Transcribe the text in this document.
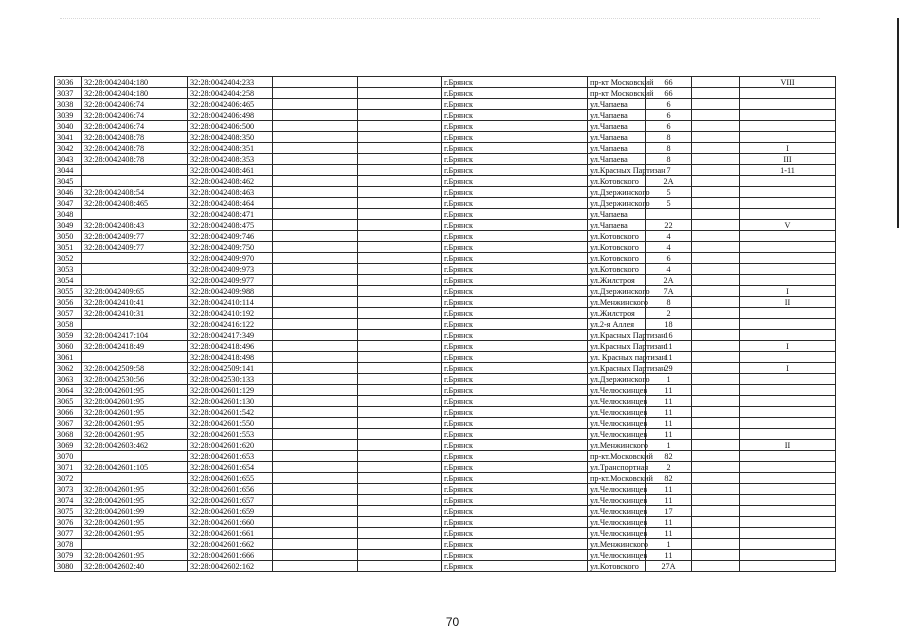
3036	32:28:0042404:180	32:28:0042404:233			г.Брянск	пр-кт Московский	66		VIII
3037	32:28:0042404:180	32:28:0042404:258			г.Брянск	пр-кт Московский	66		
3038	32:28:0042406:74	32:28:0042406:465			г.Брянск	ул.Чапаева	6		
3039	32:28:0042406:74	32:28:0042406:498			г.Брянск	ул.Чапаева	6		
3040	32:28:0042406:74	32:28:0042406:500			г.Брянск	ул.Чапаева	6		
3041	32:28:0042408:78	32:28:0042408:350			г.Брянск	ул.Чапаева	8		
3042	32:28:0042408:78	32:28:0042408:351			г.Брянск	ул.Чапаева	8		I
3043	32:28:0042408:78	32:28:0042408:353			г.Брянск	ул.Чапаева	8		III
3044		32:28:0042408:461			г.Брянск	ул.Красных Партизан	7		1-11
3045		32:28:0042408:462			г.Брянск	ул.Котовского	2А		
3046	32:28:0042408:54	32:28:0042408:463			г.Брянск	ул.Дзержинского	5		
3047	32:28:0042408:465	32:28:0042408:464			г.Брянск	ул.Дзержинского	5		
3048		32:28:0042408:471			г.Брянск	ул.Чапаева			
3049	32:28:0042408:43	32:28:0042408:475			г.Брянск	ул.Чапаева	22		V
3050	32:28:0042409:77	32:28:0042409:746			г.Брянск	ул.Котовского	4		
3051	32:28:0042409:77	32:28:0042409:750			г.Брянск	ул.Котовского	4		
3052		32:28:0042409:970			г.Брянск	ул.Котовского	6		
3053		32:28:0042409:973			г.Брянск	ул.Котовского	4		
3054		32:28:0042409:977			г.Брянск	ул.Жилстроя	2А		
3055	32:28:0042409:65	32:28:0042409:988			г.Брянск	ул.Дзержинского	7А		I
3056	32:28:0042410:41	32:28:0042410:114			г.Брянск	ул.Менжинского	8		II
3057	32:28:0042410:31	32:28:0042410:192			г.Брянск	ул.Жилстроя	2		
3058		32:28:0042416:122			г.Брянск	ул.2-я Аллея	18		
3059	32:28:0042417:104	32:28:0042417:349			г.Брянск	ул.Красных Партизан	16		
3060	32:28:0042418:49	32:28:0042418:496			г.Брянск	ул.Красных Партизан	11		I
3061		32:28:0042418:498			г.Брянск	ул. Красных партизан	11		
3062	32:28:0042509:58	32:28:0042509:141			г.Брянск	ул.Красных Партизан	29		I
3063	32:28:0042530:56	32:28:0042530:133			г.Брянск	ул.Дзержинского	1		
3064	32:28:0042601:95	32:28:0042601:129			г.Брянск	ул.Челюскинцев	11		
3065	32:28:0042601:95	32:28:0042601:130			г.Брянск	ул.Челюскинцев	11		
3066	32:28:0042601:95	32:28:0042601:542			г.Брянск	ул.Челюскинцев	11		
3067	32:28:0042601:95	32:28:0042601:550			г.Брянск	ул.Челюскинцев	11		
3068	32:28:0042601:95	32:28:0042601:553			г.Брянск	ул.Челюскинцев	11		
3069	32:28:0042603:462	32:28:0042601:620			г.Брянск	ул.Менжинского	1		II
3070		32:28:0042601:653			г.Брянск	пр-кт.Московский	82		
3071	32:28:0042601:105	32:28:0042601:654			г.Брянск	ул.Транспортная	2		
3072		32:28:0042601:655			г.Брянск	пр-кт.Московский	82		
3073	32:28:0042601:95	32:28:0042601:656			г.Брянск	ул.Челюскинцев	11		
3074	32:28:0042601:95	32:28:0042601:657			г.Брянск	ул.Челюскинцев	11		
3075	32:28:0042601:99	32:28:0042601:659			г.Брянск	ул.Челюскинцев	17		
3076	32:28:0042601:95	32:28:0042601:660			г.Брянск	ул.Челюскинцев	11		
3077	32:28:0042601:95	32:28:0042601:661			г.Брянск	ул.Челюскинцев	11		
3078		32:28:0042601:662			г.Брянск	ул.Менжинского	1		
3079	32:28:0042601:95	32:28:0042601:666			г.Брянск	ул.Челюскинцев	11		
3080	32:28:0042602:40	32:28:0042602:162			г.Брянск	ул.Котовского	27А		
70
